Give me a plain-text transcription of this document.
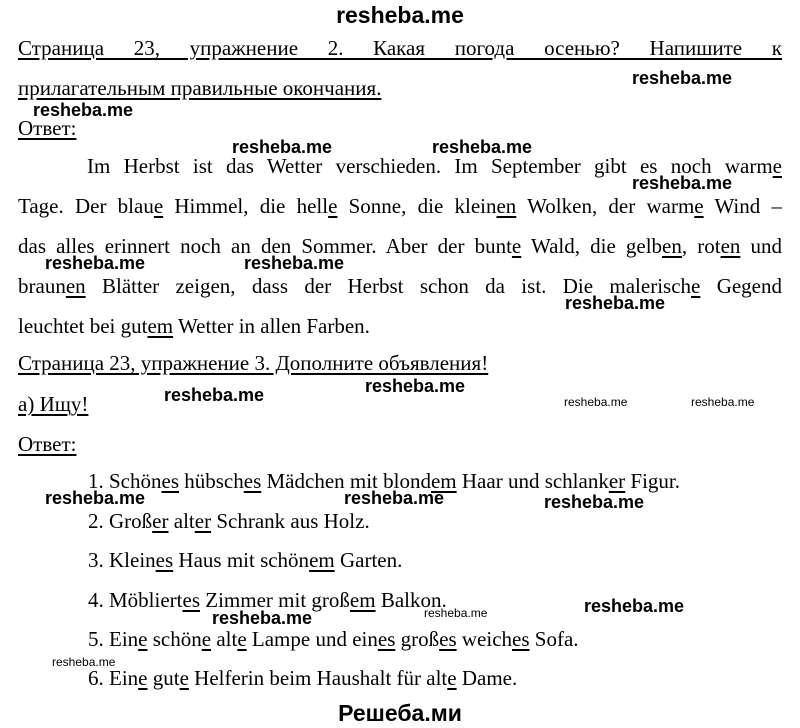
resheba.me
Страница 23, упражнение 2. Какая погода осенью? Напишите к
прилагательным правильные окончания.
Ответ:
Im Herbst ist das Wetter verschieden. Im September gibt es noch warme
Tage. Der blaue Himmel, die helle Sonne, die kleinen Wolken, der warme Wind –
das alles erinnert noch an den Sommer. Aber der bunte Wald, die gelben, roten und
braunen Blätter zeigen, dass der Herbst schon da ist. Die malerische Gegend
leuchtet bei gutem Wetter in allen Farben.
Страница 23, упражнение 3. Дополните объявления!
а) Ищу!
Ответ:
1. Schönes hübsches Mädchen mit blondem Haar und schlanker Figur.
2. Großer alter Schrank aus Holz.
3. Kleines Haus mit schönem Garten.
4. Möbliertes Zimmer mit großem Balkon.
5. Eine schöne alte Lampe und eines großes weiches Sofa.
6. Eine gute Helferin beim Haushalt für alte Dame.
resheba.me
resheba.me
resheba.me	resheba.me
resheba.me
resheba.me	resheba.me
resheba.me
resheba.me
resheba.me	resheba.me	resheba.me
resheba.me	resheba.me	resheba.me
resheba.me	resheba.me	resheba.me
resheba.me
Решеба.ми
